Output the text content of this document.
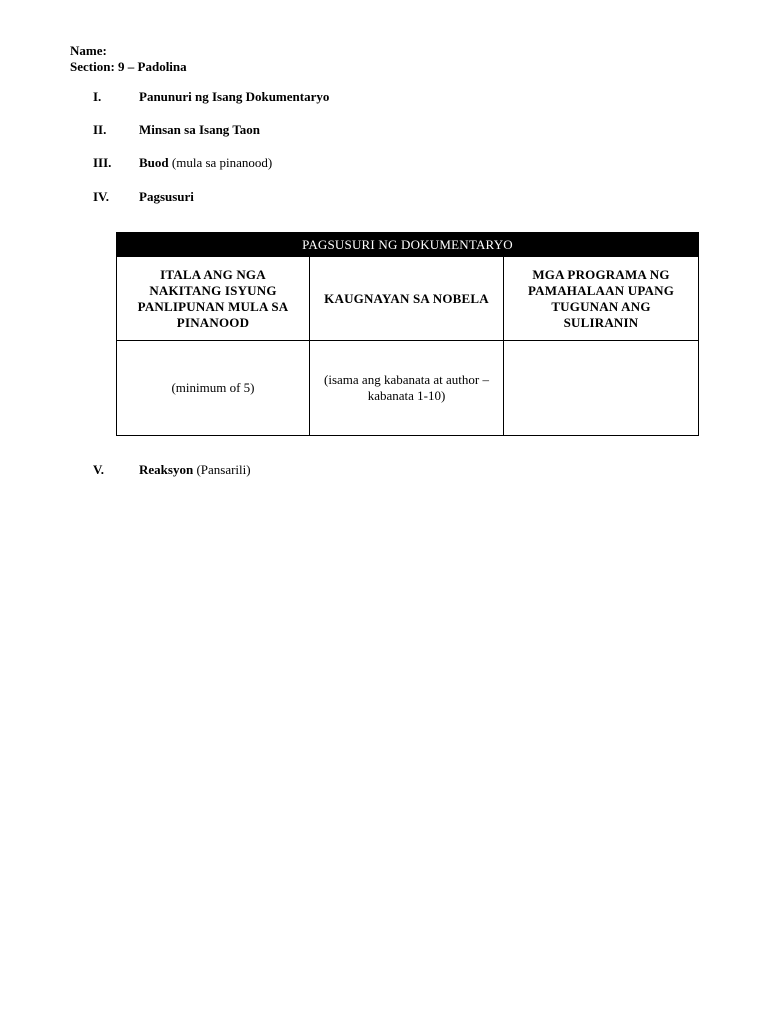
Name:
Section: 9 – Padolina
I.	Panunuri ng Isang Dokumentaryo
II.	Minsan sa Isang Taon
III. Buod (mula sa pinanood)
IV. Pagsusuri
PAGSUSURI NG DOKUMENTARYO		
ITALA ANG NGA NAKITANG ISYUNG PANLIPUNAN MULA SA PINANOOD	KAUGNAYAN SA NOBELA	MGA PROGRAMA NG PAMAHALAAN UPANG TUGUNAN ANG SULIRANIN
(minimum of 5)	(isama ang kabanata at author – kabanata 1-10)	
V.	Reaksyon (Pansarili)
